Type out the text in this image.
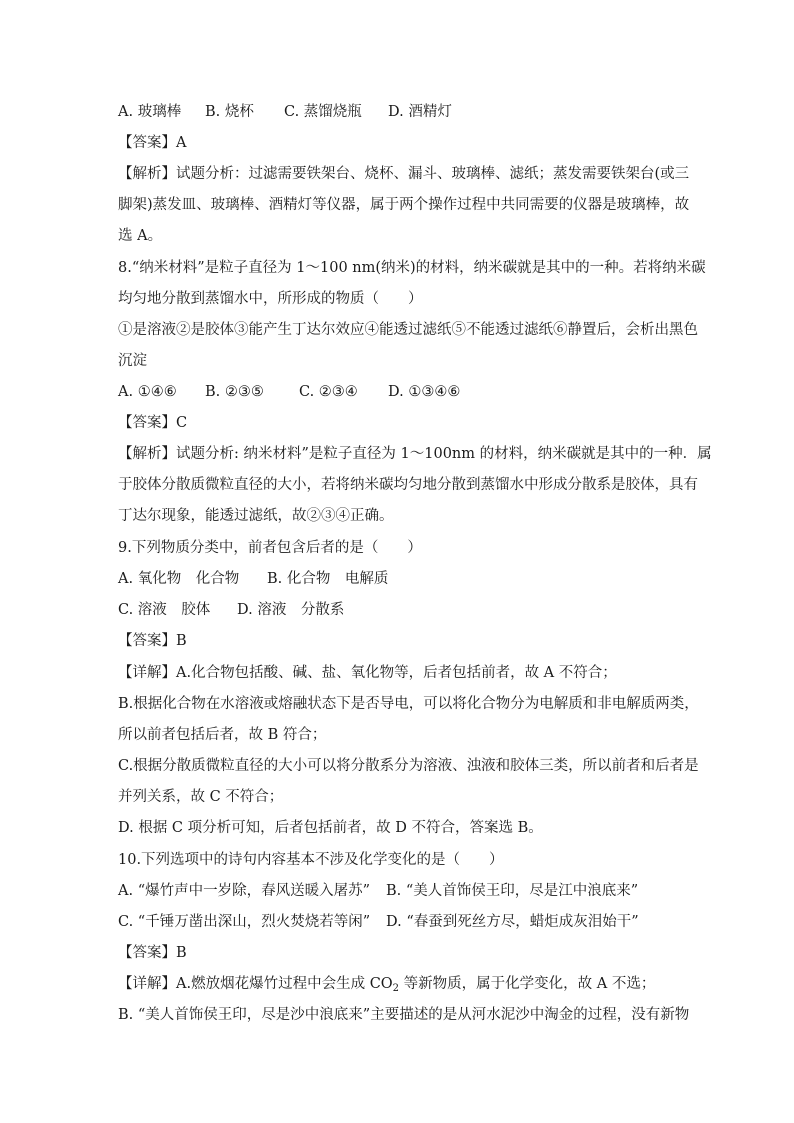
A. 玻璃棒 B. 烧杯 C. 蒸馏烧瓶 D. 酒精灯
【答案】A
【解析】试题分析：过滤需要铁架台、烧杯、漏斗、玻璃棒、滤纸；蒸发需要铁架台(或三
脚架)蒸发皿、玻璃棒、酒精灯等仪器，属于两个操作过程中共同需要的仪器是玻璃棒，故
选 A。
8.“纳米材料”是粒子直径为 1～100 nm(纳米)的材料，纳米碳就是其中的一种。若将纳米碳
均匀地分散到蒸馏水中，所形成的物质（　　）
①是溶液②是胶体③能产生丁达尔效应④能透过滤纸⑤不能透过滤纸⑥静置后，会析出黑色
沉淀
A. ①④⑥ B. ②③⑤ C. ②③④ D. ①③④⑥
【答案】C
【解析】试题分析: 纳米材料”是粒子直径为 1～100nm 的材料，纳米碳就是其中的一种．属
于胶体分散质微粒直径的大小，若将纳米碳均匀地分散到蒸馏水中形成分散系是胶体，具有
丁达尔现象，能透过滤纸，故②③④正确。
9.下列物质分类中，前者包含后者的是（　　）
A. 氧化物　化合物 B. 化合物　电解质
C. 溶液　胶体 D. 溶液　分散系
【答案】B
【详解】A.化合物包括酸、碱、盐、氧化物等，后者包括前者，故 A 不符合；
B.根据化合物在水溶液或熔融状态下是否导电，可以将化合物分为电解质和非电解质两类，
所以前者包括后者，故 B 符合；
C.根据分散质微粒直径的大小可以将分散系分为溶液、浊液和胶体三类，所以前者和后者是
并列关系，故 C 不符合；
D. 根据 C 项分析可知，后者包括前者，故 D 不符合，答案选 B。
10.下列选项中的诗句内容基本不涉及化学变化的是（　　）
A. “爆竹声中一岁除，春风送暖入屠苏” B. “美人首饰侯王印，尽是江中浪底来”
C. “千锤万凿出深山，烈火焚烧若等闲” D. “春蚕到死丝方尽，蜡炬成灰泪始干”
【答案】B
【详解】A.燃放烟花爆竹过程中会生成 $CO_2$ 等新物质，属于化学变化，故 A 不选；
B. “美人首饰侯王印，尽是沙中浪底来”主要描述的是从河水泥沙中淘金的过程，没有新物
